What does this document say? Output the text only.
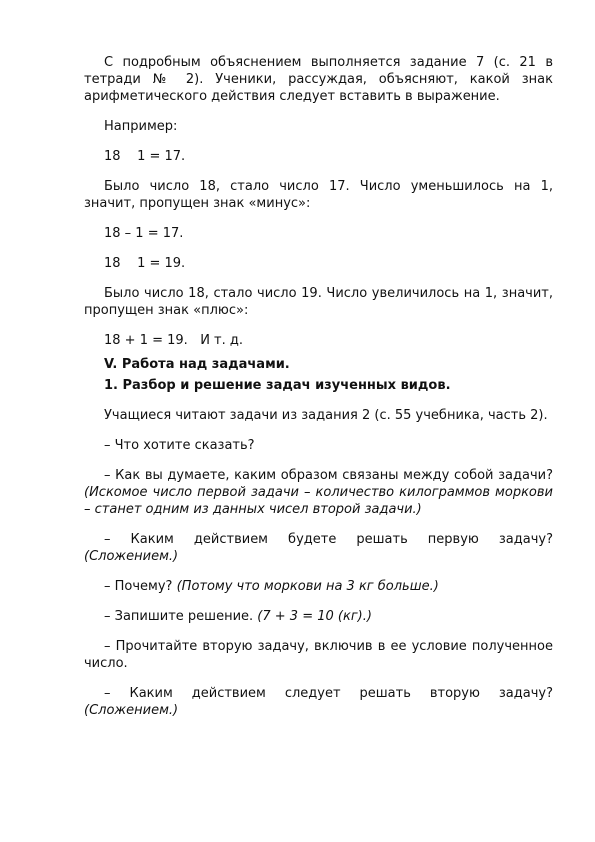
С подробным объяснением выполняется задание 7 (с. 21 в тетради № 2). Ученики, рассуждая, объясняют, какой знак арифметического действия следует вставить в выражение.

Например:

18    1 = 17.

Было число 18, стало число 17. Число уменьшилось на 1, значит, пропущен знак «минус»:

18 – 1 = 17.

18    1 = 19.

Было число 18, стало число 19. Число увеличилось на 1, значит, пропущен знак «плюс»:

18 + 1 = 19.   И т. д.

V. Работа над задачами.

1. Разбор и решение задач изученных видов.

Учащиеся читают задачи из задания 2 (с. 55 учебника, часть 2).

– Что хотите сказать?

– Как вы думаете, каким образом связаны между собой задачи? (Искомое число первой задачи – количество килограммов моркови – станет одним из данных чисел второй задачи.)

– Каким действием будете решать первую задачу? (Сложением.)

– Почему? (Потому что моркови на 3 кг больше.)

– Запишите решение. (7 + 3 = 10 (кг).)

– Прочитайте вторую задачу, включив в ее условие полученное число.

– Каким действием следует решать вторую задачу? (Сложением.)
